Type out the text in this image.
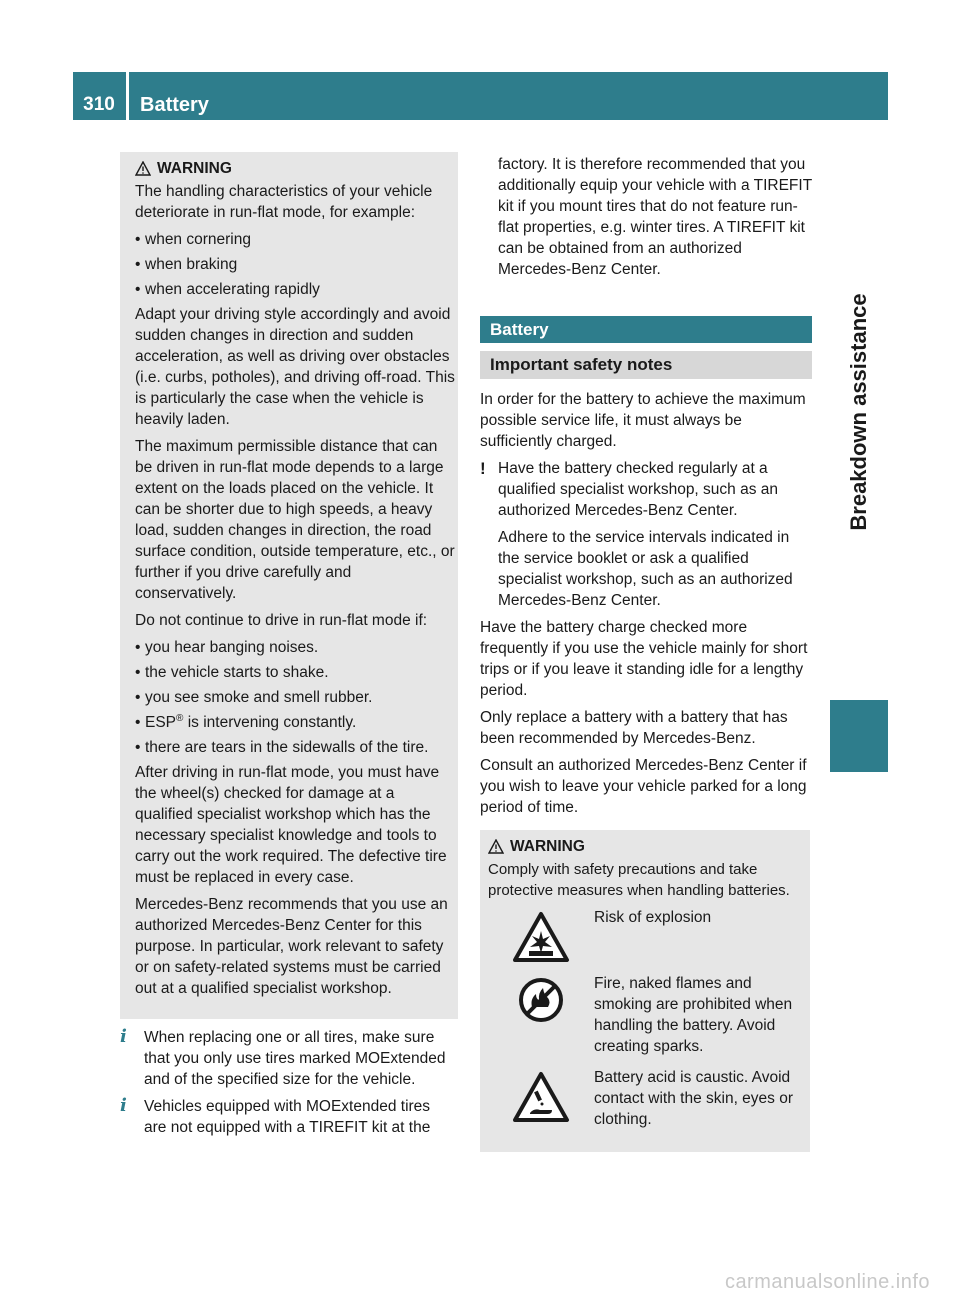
310	Battery
Breakdown assistance
WARNING

The handling characteristics of your vehicle deteriorate in run-flat mode, for example:

• when cornering
• when braking
• when accelerating rapidly

Adapt your driving style accordingly and avoid sudden changes in direction and sudden acceleration, as well as driving over obstacles (i.e. curbs, potholes), and driving off-road. This is particularly the case when the vehicle is heavily laden.

The maximum permissible distance that can be driven in run-flat mode depends to a large extent on the loads placed on the vehicle. It can be shorter due to high speeds, a heavy load, sudden changes in direction, the road surface condition, outside temperature, etc., or further if you drive carefully and conservatively.

Do not continue to drive in run-flat mode if:

• you hear banging noises.
• the vehicle starts to shake.
• you see smoke and smell rubber.
• ESP® is intervening constantly.
• there are tears in the sidewalls of the tire.

After driving in run-flat mode, you must have the wheel(s) checked for damage at a qualified specialist workshop which has the necessary specialist knowledge and tools to carry out the work required. The defective tire must be replaced in every case.

Mercedes-Benz recommends that you use an authorized Mercedes-Benz Center for this purpose. In particular, work relevant to safety or on safety-related systems must be carried out at a qualified specialist workshop.

i	When replacing one or all tires, make sure that you only use tires marked MOExtended and of the specified size for the vehicle.
i	Vehicles equipped with MOExtended tires are not equipped with a TIREFIT kit at the

factory. It is therefore recommended that you additionally equip your vehicle with a TIREFIT kit if you mount tires that do not feature run-flat properties, e.g. winter tires. A TIREFIT kit can be obtained from an authorized Mercedes-Benz Center.

Battery
Important safety notes

In order for the battery to achieve the maximum possible service life, it must always be sufficiently charged.

! Have the battery checked regularly at a qualified specialist workshop, such as an authorized Mercedes-Benz Center.

Adhere to the service intervals indicated in the service booklet or ask a qualified specialist workshop, such as an authorized Mercedes-Benz Center.

Have the battery charge checked more frequently if you use the vehicle mainly for short trips or if you leave it standing idle for a lengthy period.

Only replace a battery with a battery that has been recommended by Mercedes-Benz.

Consult an authorized Mercedes-Benz Center if you wish to leave your vehicle parked for a long period of time.

WARNING

Comply with safety precautions and take protective measures when handling batteries.

Risk of explosion
Fire, naked flames and smoking are prohibited when handling the battery. Avoid creating sparks.
Battery acid is caustic. Avoid contact with the skin, eyes or clothing.
carmanualsonline.info
